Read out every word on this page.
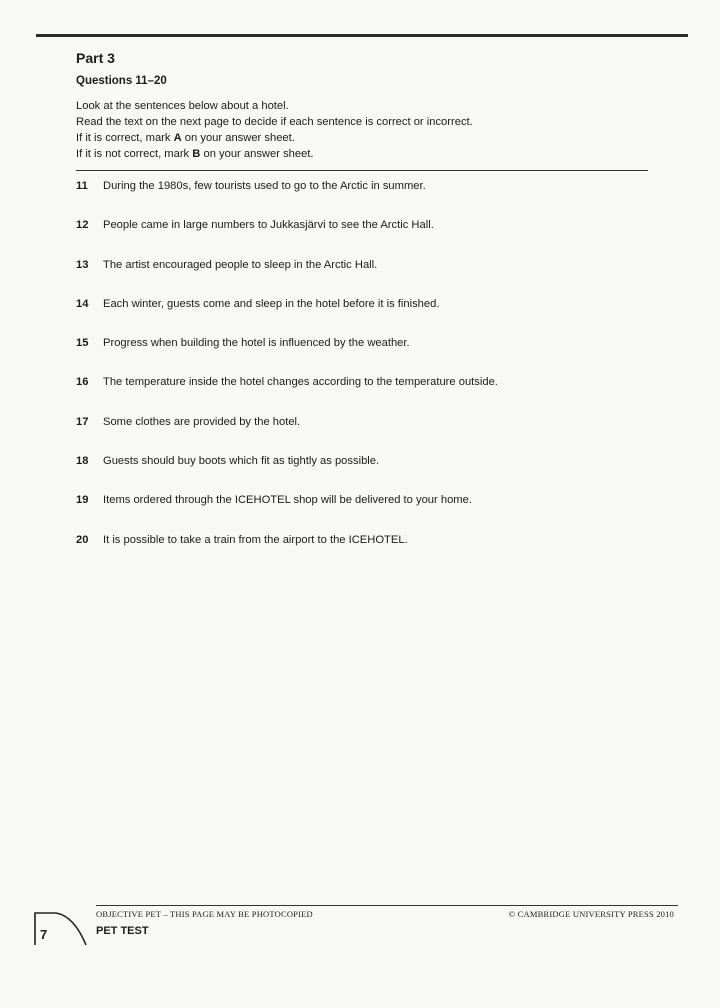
Part 3
Questions 11–20
Look at the sentences below about a hotel.
Read the text on the next page to decide if each sentence is correct or incorrect.
If it is correct, mark A on your answer sheet.
If it is not correct, mark B on your answer sheet.
11	During the 1980s, few tourists used to go to the Arctic in summer.
12	People came in large numbers to Jukkasjärvi to see the Arctic Hall.
13	The artist encouraged people to sleep in the Arctic Hall.
14	Each winter, guests come and sleep in the hotel before it is finished.
15	Progress when building the hotel is influenced by the weather.
16	The temperature inside the hotel changes according to the temperature outside.
17	Some clothes are provided by the hotel.
18	Guests should buy boots which fit as tightly as possible.
19	Items ordered through the ICEHOTEL shop will be delivered to your home.
20	It is possible to take a train from the airport to the ICEHOTEL.
OBJECTIVE PET – THIS PAGE MAY BE PHOTOCOPIED	© CAMBRIDGE UNIVERSITY PRESS 2010
PET TEST
7
